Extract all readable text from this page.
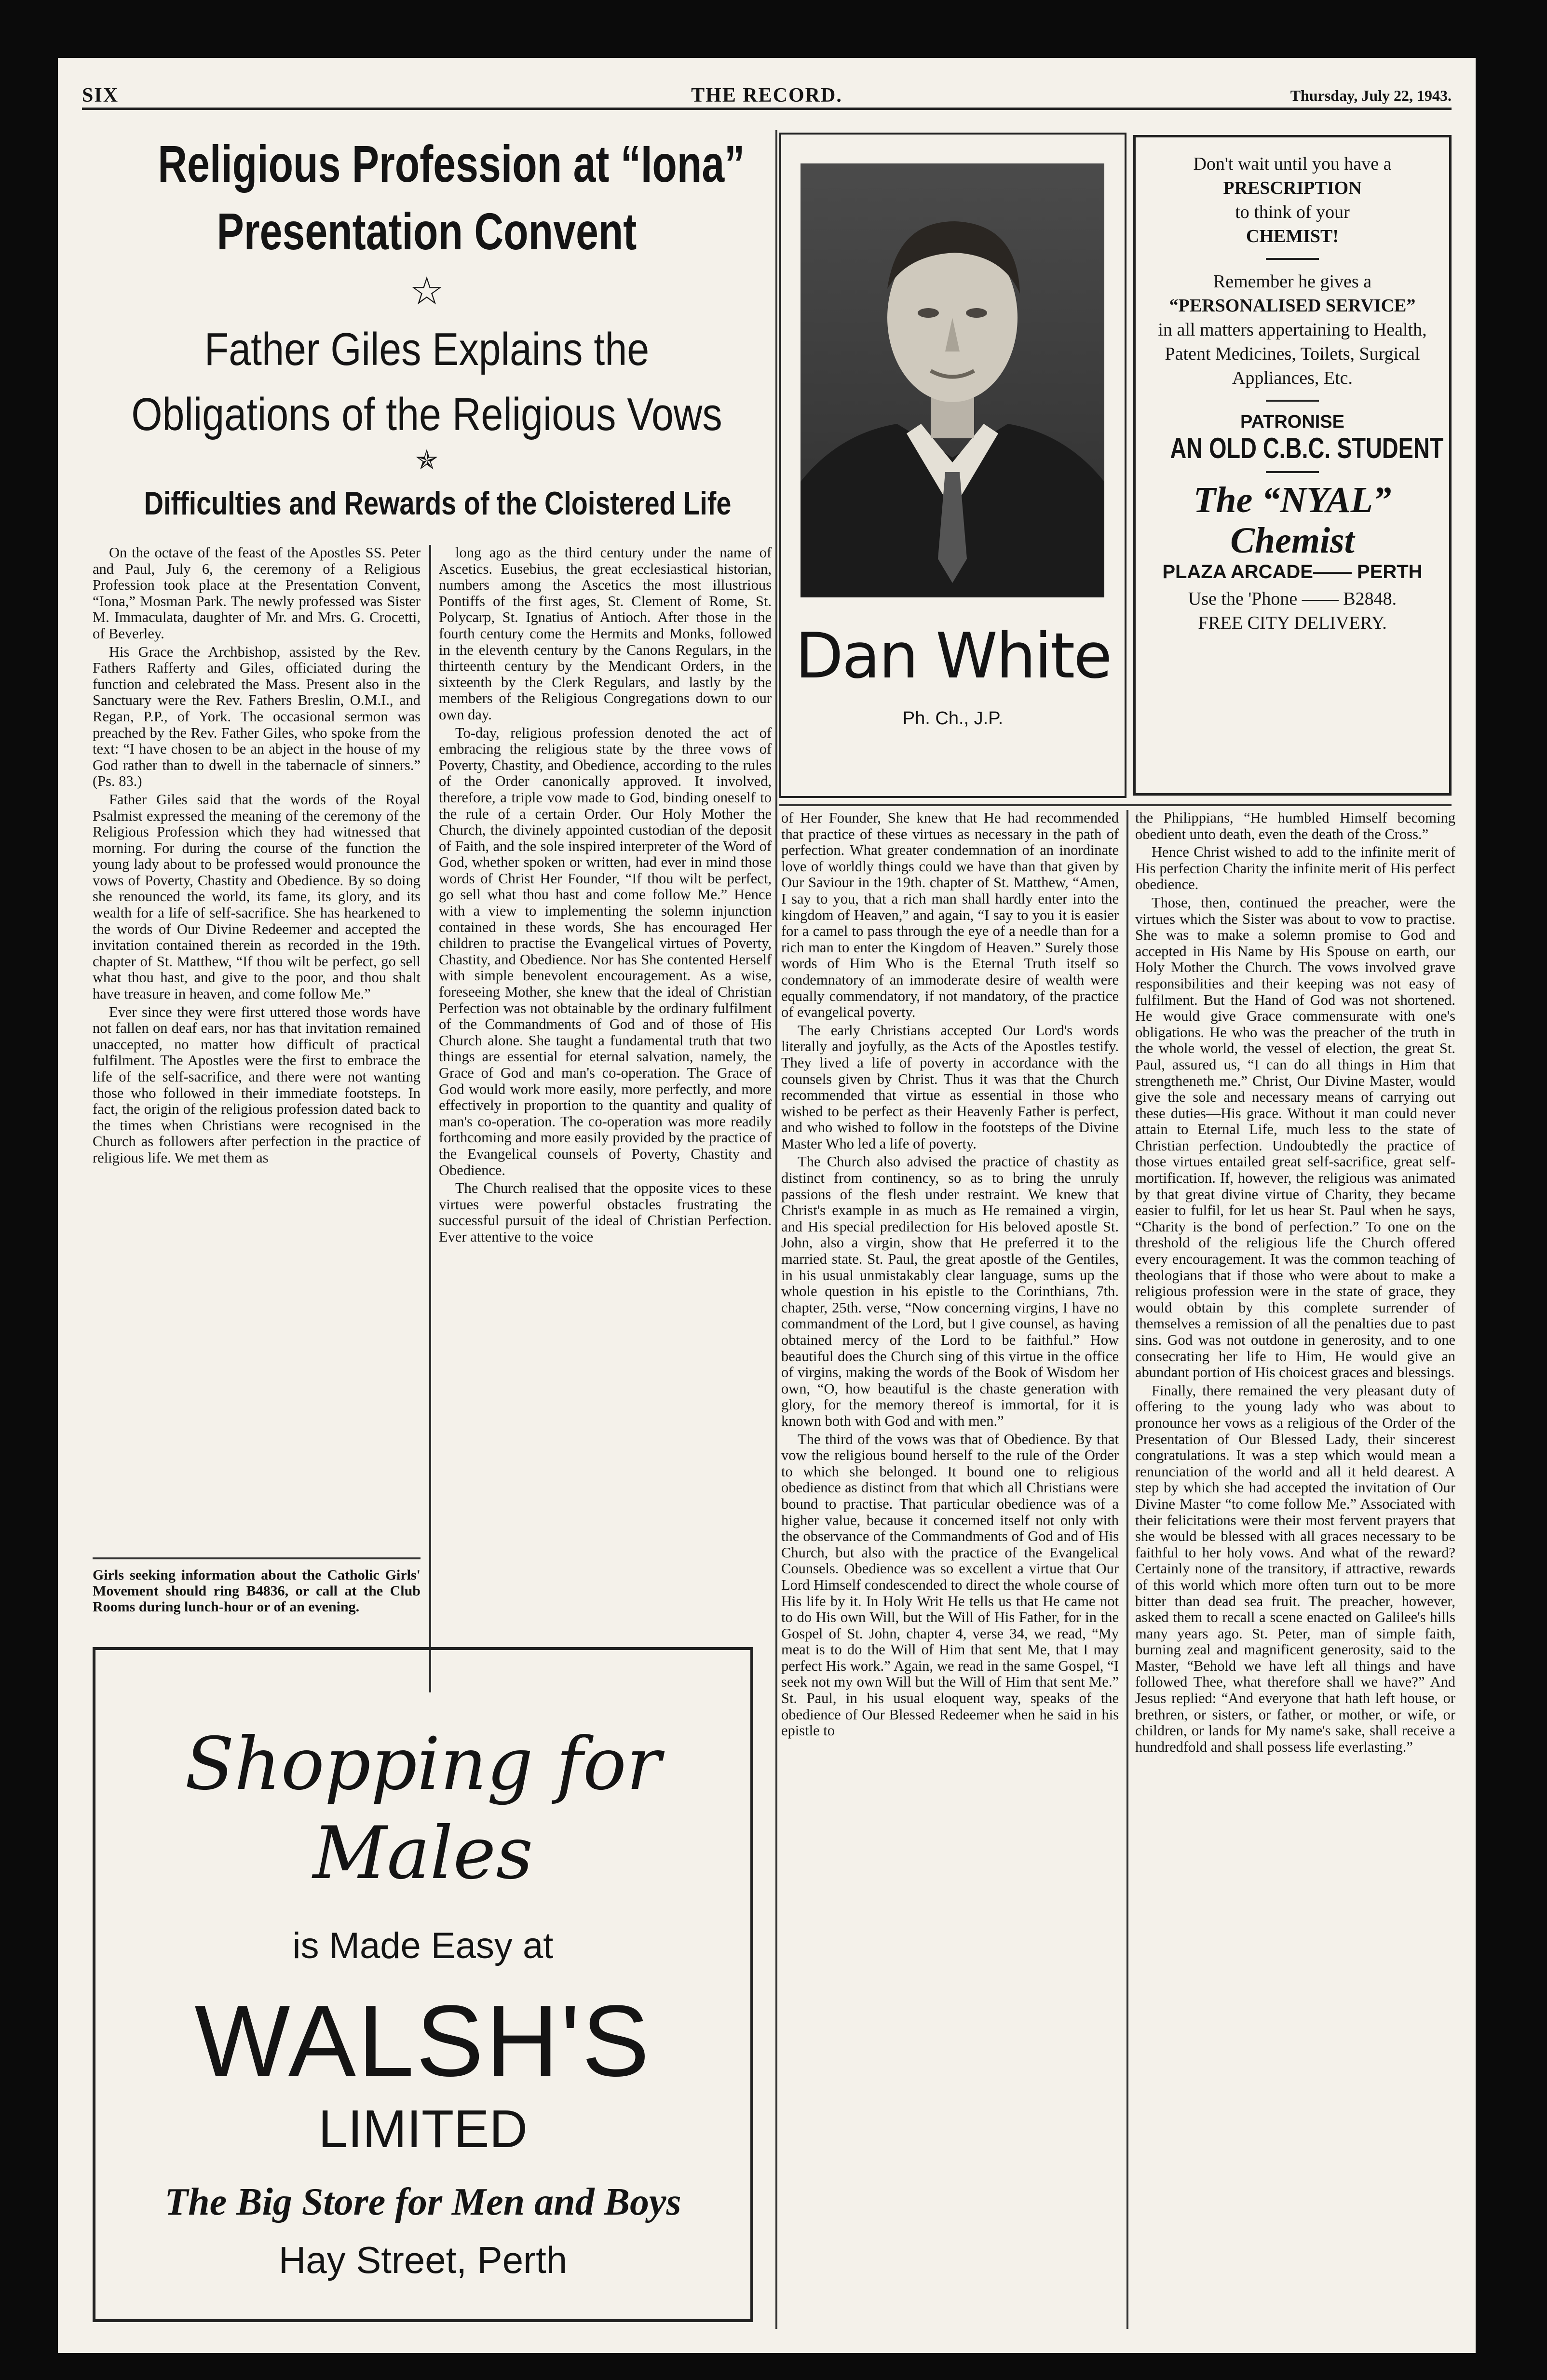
SIX	THE RECORD.	Thursday, July 22, 1943.
Religious Profession at “Iona”
Presentation Convent
☆
Father Giles Explains the
Obligations of the Religious Vows
✯
Difficulties and Rewards of the Cloistered Life

On the octave of the feast of the Apostles SS. Peter and Paul, July 6, the ceremony of a Religious Profession took place at the Presentation Convent, “Iona,” Mosman Park. The newly professed was Sister M. Immaculata, daughter of Mr. and Mrs. G. Crocetti, of Beverley.

His Grace the Archbishop, assisted by the Rev. Fathers Rafferty and Giles, officiated during the function and celebrated the Mass. Present also in the Sanctuary were the Rev. Fathers Breslin, O.M.I., and Regan, P.P., of York. The occasional sermon was preached by the Rev. Father Giles, who spoke from the text: “I have chosen to be an abject in the house of my God rather than to dwell in the tabernacle of sinners.” (Ps. 83.)

Father Giles said that the words of the Royal Psalmist expressed the meaning of the ceremony of the Religious Profession which they had witnessed that morning. For during the course of the function the young lady about to be professed would pronounce the vows of Poverty, Chastity and Obedience. By so doing she renounced the world, its fame, its glory, and its wealth for a life of self-sacrifice. She has hearkened to the words of Our Divine Redeemer and accepted the invitation contained therein as recorded in the 19th. chapter of St. Matthew, “If thou wilt be perfect, go sell what thou hast, and give to the poor, and thou shalt have treasure in heaven, and come follow Me.”

Ever since they were first uttered those words have not fallen on deaf ears, nor has that invitation remained unaccepted, no matter how difficult of practical fulfilment. The Apostles were the first to embrace the life of the self-sacrifice, and there were not wanting those who followed in their immediate footsteps. In fact, the origin of the religious profession dated back to the times when Christians were recognised in the Church as followers after perfection in the practice of religious life. We met them as

long ago as the third century under the name of Ascetics. Eusebius, the great ecclesiastical historian, numbers among the Ascetics the most illustrious Pontiffs of the first ages, St. Clement of Rome, St. Polycarp, St. Ignatius of Antioch. After those in the fourth century come the Hermits and Monks, followed in the eleventh century by the Canons Regulars, in the thirteenth century by the Mendicant Orders, in the sixteenth by the Clerk Regulars, and lastly by the members of the Religious Congregations down to our own day.

To-day, religious profession denoted the act of embracing the religious state by the three vows of Poverty, Chastity, and Obedience, according to the rules of the Order canonically approved. It involved, therefore, a triple vow made to God, binding oneself to the rule of a certain Order. Our Holy Mother the Church, the divinely appointed custodian of the deposit of Faith, and the sole inspired interpreter of the Word of God, whether spoken or written, had ever in mind those words of Christ Her Founder, “If thou wilt be perfect, go sell what thou hast and come follow Me.” Hence with a view to implementing the solemn injunction contained in these words, She has encouraged Her children to practise the Evangelical virtues of Poverty, Chastity, and Obedience. Nor has She contented Herself with simple benevolent encouragement. As a wise, foreseeing Mother, she knew that the ideal of Christian Perfection was not obtainable by the ordinary fulfilment of the Commandments of God and of those of His Church alone. She taught a fundamental truth that two things are essential for eternal salvation, namely, the Grace of God and man's co-operation. The Grace of God would work more easily, more perfectly, and more effectively in proportion to the quantity and quality of man's co-operation. The co-operation was more readily forthcoming and more easily provided by the practice of the Evangelical counsels of Poverty, Chastity and Obedience.

The Church realised that the opposite vices to these virtues were powerful obstacles frustrating the successful pursuit of the ideal of Christian Perfection. Ever attentive to the voice

Girls seeking information about the Catholic Girls' Movement should ring B4836, or call at the Club Rooms during lunch-hour or of an evening.
Shopping for
Males
is Made Easy at
WALSH'S
LIMITED
The Big Store for Men and Boys
Hay Street, Perth
Dan White
Ph. Ch., J.P.
Don't wait until you have a
PRESCRIPTION
to think of your
CHEMIST!
Remember he gives a
“PERSONALISED SERVICE”
in all matters appertaining to Health, Patent Medicines, Toilets, Surgical Appliances, Etc.
PATRONISE
AN OLD C.B.C. STUDENT
The “NYAL” Chemist
PLAZA ARCADE—— PERTH
Use the 'Phone —— B2848.
FREE CITY DELIVERY.

of Her Founder, She knew that He had recommended that practice of these virtues as necessary in the path of perfection. What greater condemnation of an inordinate love of worldly things could we have than that given by Our Saviour in the 19th. chapter of St. Matthew, “Amen, I say to you, that a rich man shall hardly enter into the kingdom of Heaven,” and again, “I say to you it is easier for a camel to pass through the eye of a needle than for a rich man to enter the Kingdom of Heaven.” Surely those words of Him Who is the Eternal Truth itself so condemnatory of an immoderate desire of wealth were equally commendatory, if not mandatory, of the practice of evangelical poverty.

The early Christians accepted Our Lord's words literally and joyfully, as the Acts of the Apostles testify. They lived a life of poverty in accordance with the counsels given by Christ. Thus it was that the Church recommended that virtue as essential in those who wished to be perfect as their Heavenly Father is perfect, and who wished to follow in the footsteps of the Divine Master Who led a life of poverty.

The Church also advised the practice of chastity as distinct from continency, so as to bring the unruly passions of the flesh under restraint. We knew that Christ's example in as much as He remained a virgin, and His special predilection for His beloved apostle St. John, also a virgin, show that He preferred it to the married state. St. Paul, the great apostle of the Gentiles, in his usual unmistakably clear language, sums up the whole question in his epistle to the Corinthians, 7th. chapter, 25th. verse, “Now concerning virgins, I have no commandment of the Lord, but I give counsel, as having obtained mercy of the Lord to be faithful.” How beautiful does the Church sing of this virtue in the office of virgins, making the words of the Book of Wisdom her own, “O, how beautiful is the chaste generation with glory, for the memory thereof is immortal, for it is known both with God and with men.”

The third of the vows was that of Obedience. By that vow the religious bound herself to the rule of the Order to which she belonged. It bound one to religious obedience as distinct from that which all Christians were bound to practise. That particular obedience was of a higher value, because it concerned itself not only with the observance of the Commandments of God and of His Church, but also with the practice of the Evangelical Counsels. Obedience was so excellent a virtue that Our Lord Himself condescended to direct the whole course of His life by it. In Holy Writ He tells us that He came not to do His own Will, but the Will of His Father, for in the Gospel of St. John, chapter 4, verse 34, we read, “My meat is to do the Will of Him that sent Me, that I may perfect His work.” Again, we read in the same Gospel, “I seek not my own Will but the Will of Him that sent Me.” St. Paul, in his usual eloquent way, speaks of the obedience of Our Blessed Redeemer when he said in his epistle to

the Philippians, “He humbled Himself becoming obedient unto death, even the death of the Cross.”

Hence Christ wished to add to the infinite merit of His perfection Charity the infinite merit of His perfect obedience.

Those, then, continued the preacher, were the virtues which the Sister was about to vow to practise. She was to make a solemn promise to God and accepted in His Name by His Spouse on earth, our Holy Mother the Church. The vows involved grave responsibilities and their keeping was not easy of fulfilment. But the Hand of God was not shortened. He would give Grace commensurate with one's obligations. He who was the preacher of the truth in the whole world, the vessel of election, the great St. Paul, assured us, “I can do all things in Him that strengtheneth me.” Christ, Our Divine Master, would give the sole and necessary means of carrying out these duties—His grace. Without it man could never attain to Eternal Life, much less to the state of Christian perfection. Undoubtedly the practice of those virtues entailed great self-sacrifice, great self-mortification. If, however, the religious was animated by that great divine virtue of Charity, they became easier to fulfil, for let us hear St. Paul when he says, “Charity is the bond of perfection.” To one on the threshold of the religious life the Church offered every encouragement. It was the common teaching of theologians that if those who were about to make a religious profession were in the state of grace, they would obtain by this complete surrender of themselves a remission of all the penalties due to past sins. God was not outdone in generosity, and to one consecrating her life to Him, He would give an abundant portion of His choicest graces and blessings.

Finally, there remained the very pleasant duty of offering to the young lady who was about to pronounce her vows as a religious of the Order of the Presentation of Our Blessed Lady, their sincerest congratulations. It was a step which would mean a renunciation of the world and all it held dearest. A step by which she had accepted the invitation of Our Divine Master “to come follow Me.” Associated with their felicitations were their most fervent prayers that she would be blessed with all graces necessary to be faithful to her holy vows. And what of the reward? Certainly none of the transitory, if attractive, rewards of this world which more often turn out to be more bitter than dead sea fruit. The preacher, however, asked them to recall a scene enacted on Galilee's hills many years ago. St. Peter, man of simple faith, burning zeal and magnificent generosity, said to the Master, “Behold we have left all things and have followed Thee, what therefore shall we have?” And Jesus replied: “And everyone that hath left house, or brethren, or sisters, or father, or mother, or wife, or children, or lands for My name's sake, shall receive a hundredfold and shall possess life everlasting.”
